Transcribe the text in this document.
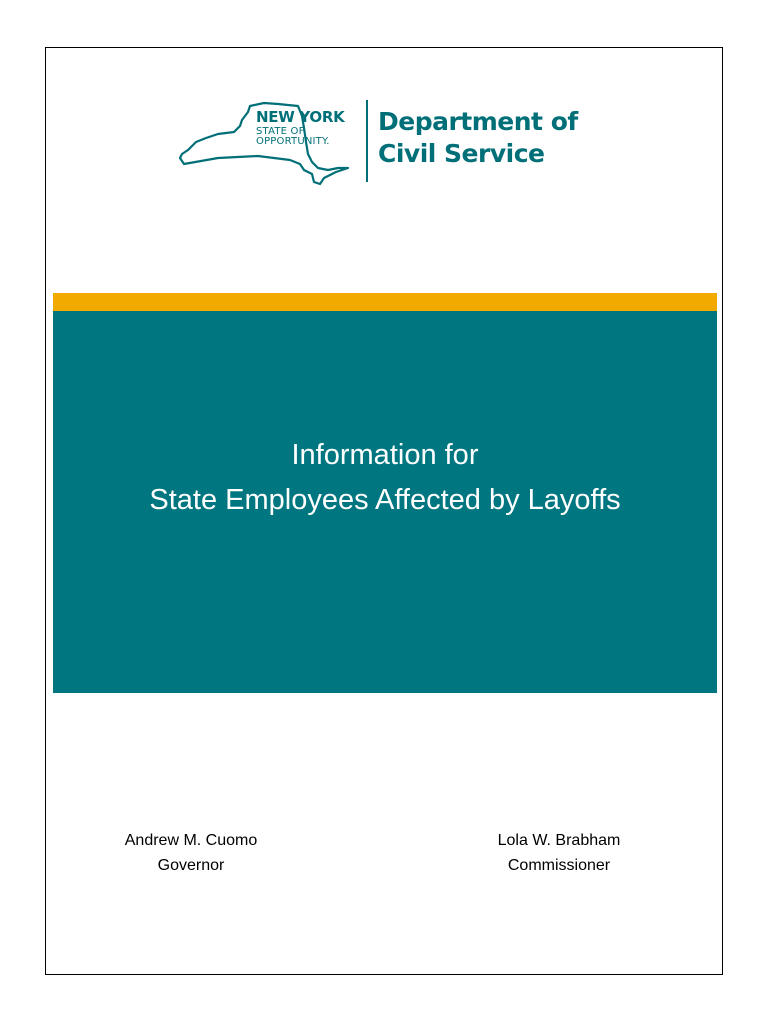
NEW YORK
STATE OF
OPPORTUNITY.
Department of
Civil Service
Information for
State Employees Affected by Layoffs
Andrew M. Cuomo
Governor
Lola W. Brabham
Commissioner
